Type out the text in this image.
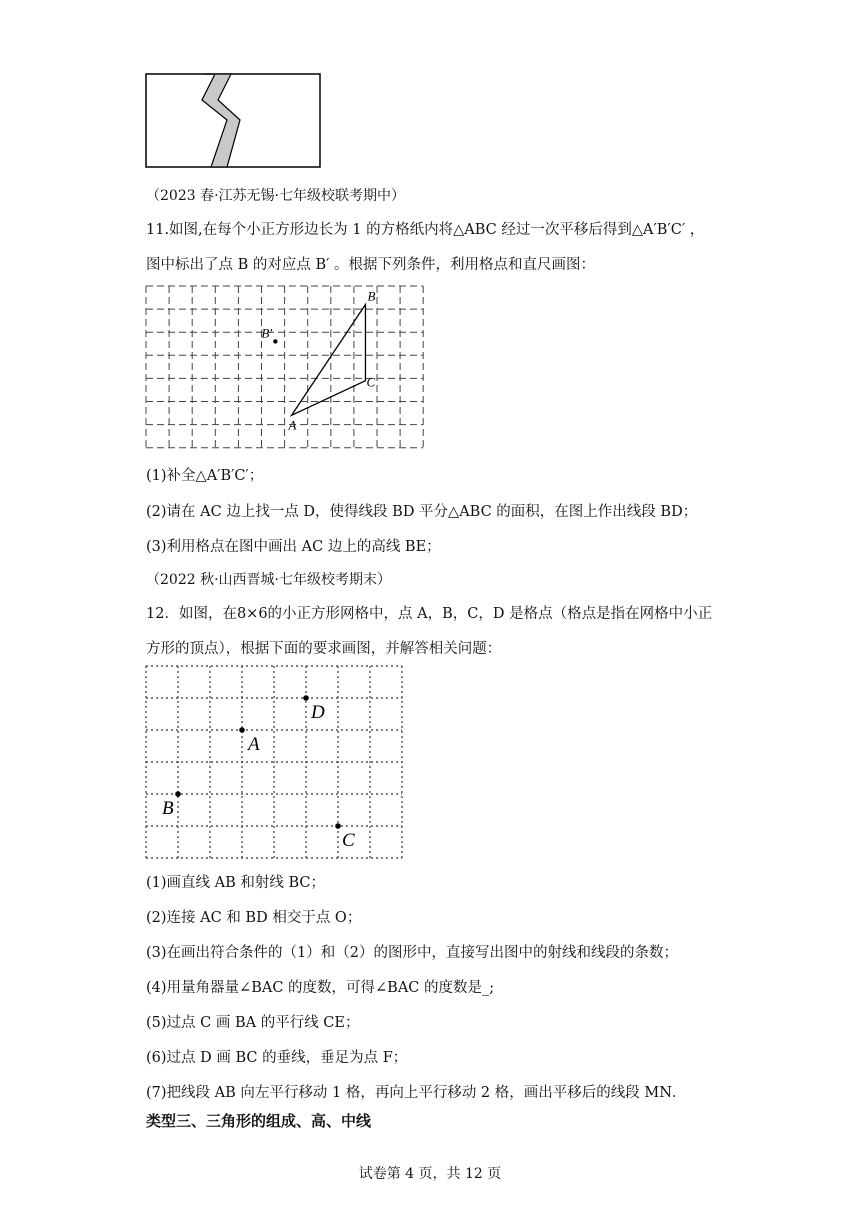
（2023 春·江苏无锡·七年级校联考期中）
11.如图,在每个小正方形边长为 1 的方格纸内将△ABC 经过一次平移后得到△A′B′C′ ，
图中标出了点 B 的对应点 B′ 。根据下列条件，利用格点和直尺画图：
A
B
C
B′
(1)补全△A′B′C′；
(2)请在 AC 边上找一点 D，使得线段 BD 平分△ABC 的面积，在图上作出线段 BD；
(3)利用格点在图中画出 AC 边上的高线 BE；
（2022 秋·山西晋城·七年级校考期末）
12．如图，在8×6的小正方形网格中，点 A，B，C，D 是格点（格点是指在网格中小正
方形的顶点），根据下面的要求画图，并解答相关问题：
A
B
C
D
(1)画直线 AB 和射线 BC；
(2)连接 AC 和 BD 相交于点 O；
(3)在画出符合条件的（1）和（2）的图形中，直接写出图中的射线和线段的条数；
(4)用量角器量∠BAC 的度数，可得∠BAC 的度数是_;
(5)过点 C 画 BA 的平行线 CE；
(6)过点 D 画 BC 的垂线，垂足为点 F；
(7)把线段 AB 向左平行移动 1 格，再向上平行移动 2 格，画出平移后的线段 MN．
类型三、三角形的组成、高、中线
试卷第 4 页，共 12 页
